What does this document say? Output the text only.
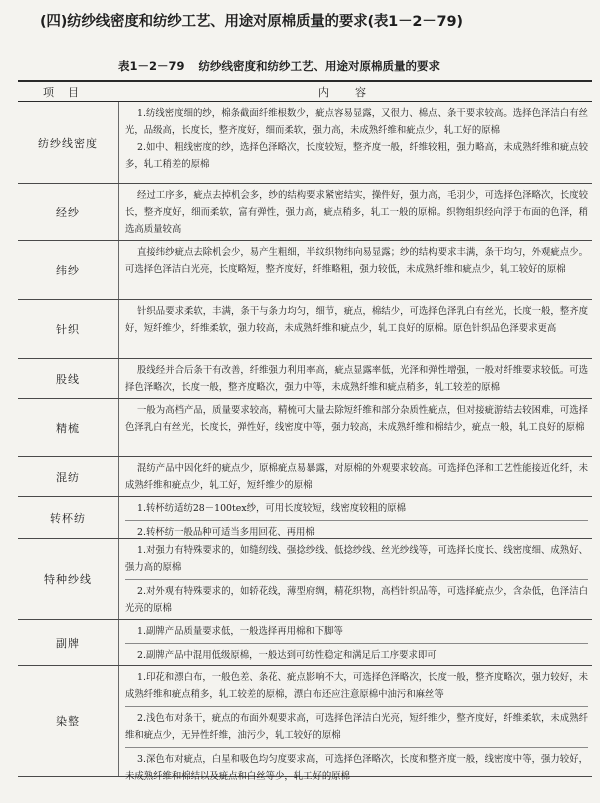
(四)纺纱线密度和纺纱工艺、用途对原棉质量的要求(表1－2－79)
表1－2－79 纺纱线密度和纺纱工艺、用途对原棉质量的要求
项目	内容
纺纱线密度

1.纺线密度细的纱，棉条截面纤维根数少，疵点容易显露，又很力、棉点、条干要求较高。选择色泽洁白有丝光，品级高，长度长，整齐度好，细而柔软，强力高，未成熟纤维和疵点少，轧工好的原棉

2.如中、粗线密度的纱，选择色泽略次，长度较短，整齐度一般，纤维较粗，强力略高，未成熟纤维和疵点较多，轧工稍差的原棉

经纱

经过工序多，疵点去掉机会多，纱的结构要求紧密结实，操件好，强力高，毛羽少，可选择色泽略次，长度较长，整齐度好，细而柔软，富有弹性，强力高，疵点稍多，轧工一般的原棉。织物组织经向浮于布面的色泽，稍选高质量较高

纬纱

直接纬纱疵点去除机会少，易产生粗细，半纹织物纬向易显露；纱的结构要求丰满，条干均匀，外观疵点少。可选择色泽洁白光亮，长度略短，整齐度好，纤维略粗，强力较低，未成熟纤维和疵点少，轧工较好的原棉

针织

针织品要求柔软，丰满，条干与条力均匀，细节，疵点，棉结少，可选择色泽乳白有丝光，长度一般，整齐度好，短纤维少，纤维柔软，强力较高，未成熟纤维和疵点少，轧工良好的原棉。原色针织品色泽要求更高

股线

股线经并合后条干有改善，纤维强力利用率高，疵点显露率低，光泽和弹性增强，一般对纤维要求较低。可选择色泽略次，长度一般，整齐度略次，强力中等，未成熟纤维和疵点稍多，轧工较差的原棉

精梳

一般为高档产品，质量要求较高，精梳可大量去除短纤维和部分杂质性疵点，但对接疵游结去较困难，可选择色泽乳白有丝光，长度长，弹性好，线密度中等，强力较高，未成熟纤维和棉结少，疵点一般，轧工良好的原棉

混纺

混纺产品中因化纤的疵点少，原棉疵点易暴露，对原棉的外观要求较高。可选择色泽和工艺性能接近化纤，未成熟纤维和疵点少，轧工好，短纤维少的原棉

转杯纺

1.转杯纺适纺28－100tex纱，可用长度较短，线密度较粗的原棉

2.转杯纺一般品种可适当多用回花、再用棉

特种纱线

1.对强力有特殊要求的，如缝纫线、强捻纱线、低捻纱线、丝光纱线等，可选择长度长、线密度细、成熟好、强力高的原棉

2.对外观有特殊要求的，如轿花线，薄型府绸，精花织物，高档针织品等，可选择疵点少，含杂低，色泽洁白光亮的原棉

副牌

1.副牌产品质量要求低，一般选择再用棉和下脚等

2.副牌产品中混用低级原棉，一般达到可纺性稳定和满足后工序要求即可

染整

1.印花和漂白布，一般色差、条花、疵点影响不大，可选择色泽略次，长度一般，整齐度略次，强力较好，未成熟纤维和疵点稍多，轧工较差的原棉，漂白布还应注意原棉中油污和麻丝等

2.浅色布对条干，疵点的布面外观要求高，可选择色泽洁白光亮，短纤维少，整齐度好，纤维柔软，未成熟纤维和疵点少，无异性纤维，油污少，轧工较好的原棉

3.深色布对疵点，白星和吸色均匀度要求高，可选择色泽略次，长度和整齐度一般，线密度中等，强力较好，未成熟纤维和棉结以及疵点和白丝等少，轧工好的原棉
